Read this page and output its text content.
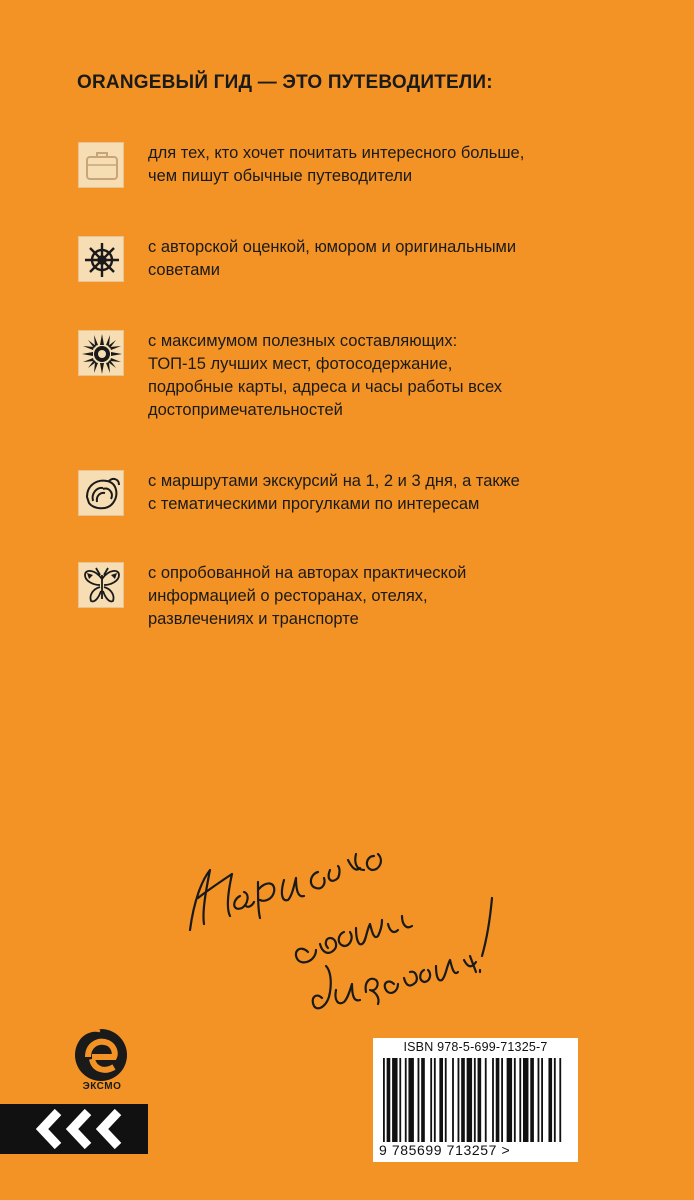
ORANGEВЫЙ ГИД — ЭТО ПУТЕВОДИТЕЛИ:
для тех, кто хочет почитать интересного больше,
чем пишут обычные путеводители
с авторской оценкой, юмором и оригинальными
советами
с максимумом полезных составляющих:
ТОП-15 лучших мест, фотосодержание,
подробные карты, адреса и часы работы всех
достопримечательностей
с маршрутами экскурсий на 1, 2 и 3 дня, а также
с тематическими прогулками по интересам
с опробованной на авторах практической
информацией о ресторанах, отелях,
развлечениях и транспорте
ЭКСМО
ISBN 978-5-699-71325-7
9 785699 713257 >
